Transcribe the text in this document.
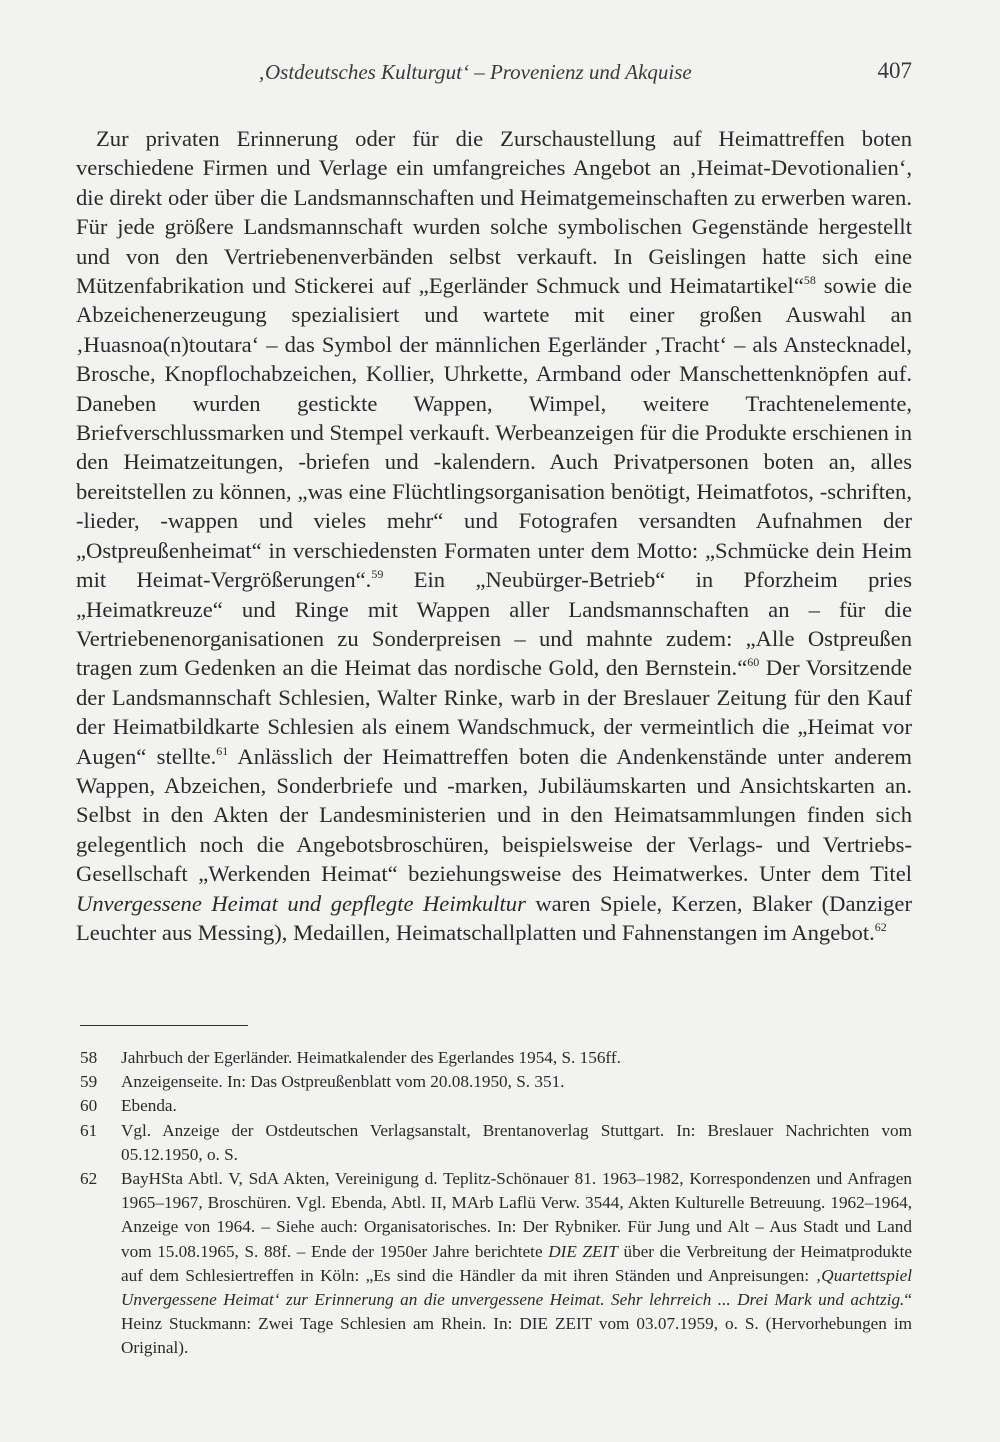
‚Ostdeutsches Kulturgut‘ – Provenienz und Akquise	407

Zur privaten Erinnerung oder für die Zurschaustellung auf Heimattreffen boten verschiedene Firmen und Verlage ein umfangreiches Angebot an ‚Heimat-Devotionalien‘, die direkt oder über die Landsmannschaften und Heimatgemeinschaften zu erwerben waren. Für jede größere Landsmannschaft wurden solche symbolischen Gegenstände hergestellt und von den Vertriebenenverbänden selbst verkauft. In Geislingen hatte sich eine Mützenfabrikation und Stickerei auf „Egerländer Schmuck und Heimatartikel“$^{58}$ sowie die Abzeichenerzeugung spezialisiert und wartete mit einer großen Auswahl an ‚Huasnoa(n)toutara‘ – das Symbol der männlichen Egerländer ‚Tracht‘ – als Anstecknadel, Brosche, Knopflochabzeichen, Kollier, Uhrkette, Armband oder Manschettenknöpfen auf. Daneben wurden gestickte Wappen, Wimpel, weitere Trachtenelemente, Briefverschlussmarken und Stempel verkauft. Werbeanzeigen für die Produkte erschienen in den Heimatzeitungen, -briefen und -kalendern. Auch Privatpersonen boten an, alles bereitstellen zu können, „was eine Flüchtlingsorganisation benötigt, Heimatfotos, -schriften, -lieder, -wappen und vieles mehr“ und Fotografen versandten Aufnahmen der „Ostpreußenheimat“ in verschiedensten Formaten unter dem Motto: „Schmücke dein Heim mit Heimat-Vergrößerungen“.$^{59}$ Ein „Neubürger-Betrieb“ in Pforzheim pries „Heimatkreuze“ und Ringe mit Wappen aller Landsmannschaften an – für die Vertriebenenorganisationen zu Sonderpreisen – und mahnte zudem: „Alle Ostpreußen tragen zum Gedenken an die Heimat das nordische Gold, den Bernstein.“$^{60}$ Der Vorsitzende der Landsmannschaft Schlesien, Walter Rinke, warb in der Breslauer Zeitung für den Kauf der Heimatbildkarte Schlesien als einem Wandschmuck, der vermeintlich die „Heimat vor Augen“ stellte.$^{61}$ Anlässlich der Heimattreffen boten die Andenkenstände unter anderem Wappen, Abzeichen, Sonderbriefe und -marken, Jubiläumskarten und Ansichtskarten an. Selbst in den Akten der Landesministerien und in den Heimatsammlungen finden sich gelegentlich noch die Angebotsbroschüren, beispielsweise der Verlags- und Vertriebs-Gesellschaft „Werkenden Heimat“ beziehungsweise des Heimatwerkes. Unter dem Titel Unvergessene Heimat und gepflegte Heimkultur waren Spiele, Kerzen, Blaker (Danziger Leuchter aus Messing), Medaillen, Heimatschallplatten und Fahnenstangen im Angebot.$^{62}$

58 Jahrbuch der Egerländer. Heimatkalender des Egerlandes 1954, S. 156ff.
59 Anzeigenseite. In: Das Ostpreußenblatt vom 20.08.1950, S. 351.
60 Ebenda.
61 Vgl. Anzeige der Ostdeutschen Verlagsanstalt, Brentanoverlag Stuttgart. In: Breslauer Nachrichten vom 05.12.1950, o. S.
62 BayHSta Abtl. V, SdA Akten, Vereinigung d. Teplitz-Schönauer 81. 1963–1982, Korrespondenzen und Anfragen 1965–1967, Broschüren. Vgl. Ebenda, Abtl. II, MArb Laflü Verw. 3544, Akten Kulturelle Betreuung. 1962–1964, Anzeige von 1964. – Siehe auch: Organisatorisches. In: Der Rybniker. Für Jung und Alt – Aus Stadt und Land vom 15.08.1965, S. 88f. – Ende der 1950er Jahre berichtete DIE ZEIT über die Verbreitung der Heimatprodukte auf dem Schlesiertreffen in Köln: „Es sind die Händler da mit ihren Ständen und Anpreisungen: ‚Quartettspiel Unvergessene Heimat‘ zur Erinnerung an die unvergessene Heimat. Sehr lehrreich ... Drei Mark und achtzig.“ Heinz Stuckmann: Zwei Tage Schlesien am Rhein. In: DIE ZEIT vom 03.07.1959, o. S. (Hervorhebungen im Original).
